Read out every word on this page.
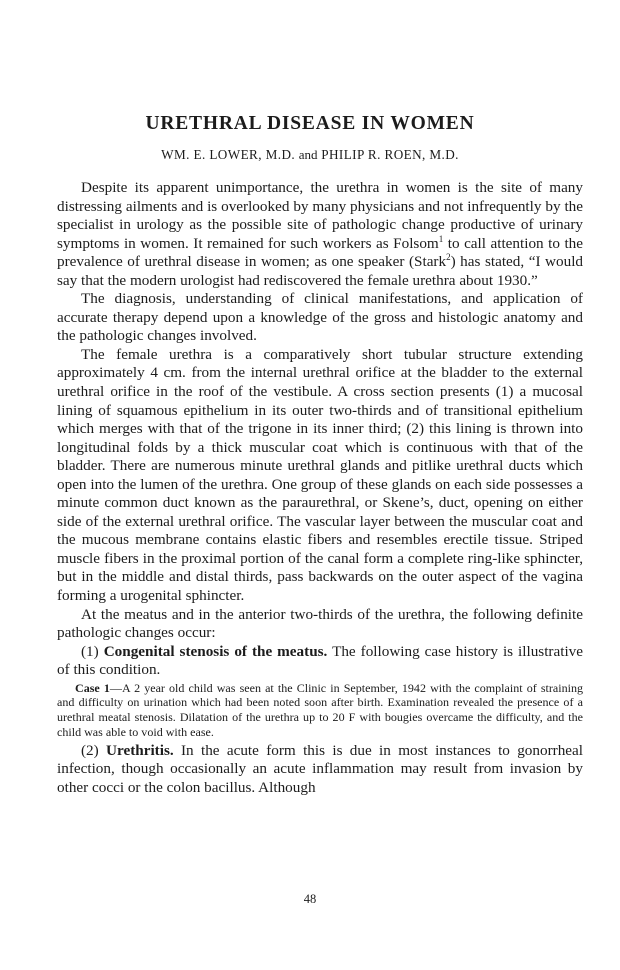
URETHRAL DISEASE IN WOMEN

WM. E. LOWER, M.D. and PHILIP R. ROEN, M.D.

Despite its apparent unimportance, the urethra in women is the site of many distressing ailments and is overlooked by many physicians and not infrequently by the specialist in urology as the possible site of pathologic change productive of urinary symptoms in women. It remained for such workers as Folsom$^1$ to call attention to the prevalence of urethral disease in women; as one speaker (Stark$^2$) has stated, “I would say that the modern urologist had rediscovered the female urethra about 1930.”

The diagnosis, understanding of clinical manifestations, and application of accurate therapy depend upon a knowledge of the gross and histologic anatomy and the pathologic changes involved.

The female urethra is a comparatively short tubular structure extending approximately 4 cm. from the internal urethral orifice at the bladder to the external urethral orifice in the roof of the vestibule. A cross section presents (1) a mucosal lining of squamous epithelium in its outer two-thirds and of transitional epithelium which merges with that of the trigone in its inner third; (2) this lining is thrown into longitudinal folds by a thick muscular coat which is continuous with that of the bladder. There are numerous minute urethral glands and pitlike urethral ducts which open into the lumen of the urethra. One group of these glands on each side possesses a minute common duct known as the paraurethral, or Skene’s, duct, opening on either side of the external urethral orifice. The vascular layer between the muscular coat and the mucous membrane contains elastic fibers and resembles erectile tissue. Striped muscle fibers in the proximal portion of the canal form a complete ring-like sphincter, but in the middle and distal thirds, pass backwards on the outer aspect of the vagina forming a urogenital sphincter.

At the meatus and in the anterior two-thirds of the urethra, the following definite pathologic changes occur:

(1) Congenital stenosis of the meatus. The following case history is illustrative of this condition.

Case 1—A 2 year old child was seen at the Clinic in September, 1942 with the complaint of straining and difficulty on urination which had been noted soon after birth. Examination revealed the presence of a urethral meatal stenosis. Dilatation of the urethra up to 20 F with bougies overcame the difficulty, and the child was able to void with ease.

(2) Urethritis. In the acute form this is due in most instances to gonorrheal infection, though occasionally an acute inflammation may result from invasion by other cocci or the colon bacillus. Although

48
